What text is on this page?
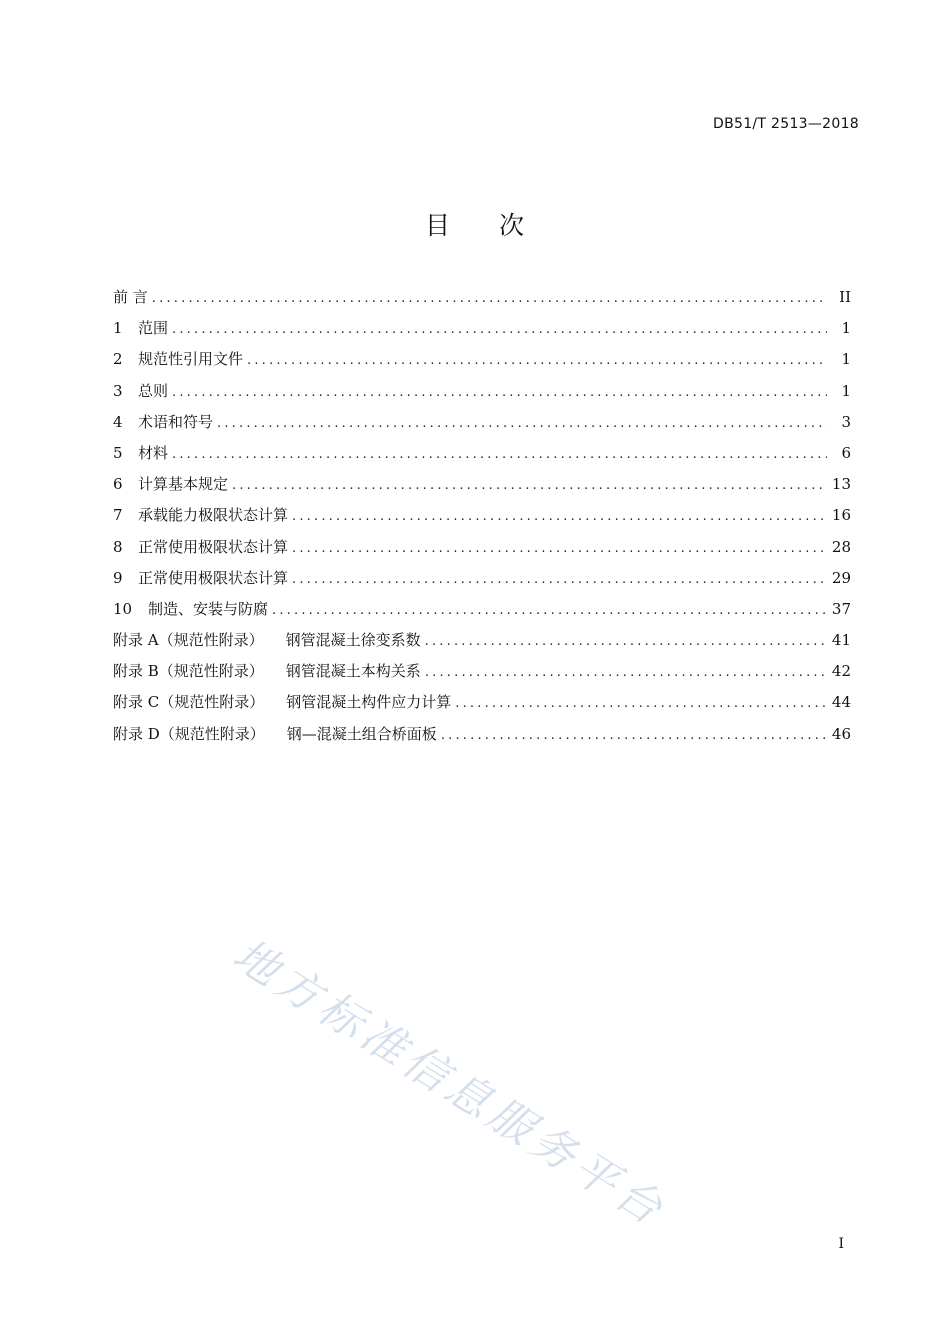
DB51/T 2513—2018
目 次
前 言 .....	II
1	范围 .....	1
2	规范性引用文件 .....	1
3	总则 .....	1
4	术语和符号 .....	3
5	材料 .....	6
6	计算基本规定 .....	13
7	承载能力极限状态计算 .....	16
8	正常使用极限状态计算 .....	28
9	正常使用极限状态计算 .....	29
10	制造、安装与防腐 .....	37
附录 A（规范性附录） 钢管混凝土徐变系数 .....	41
附录 B（规范性附录） 钢管混凝土本构关系 .....	42
附录 C（规范性附录） 钢管混凝土构件应力计算 .....	44
附录 D（规范性附录） 钢—混凝土组合桥面板 .....	46
地方标准信息服务平台
I
